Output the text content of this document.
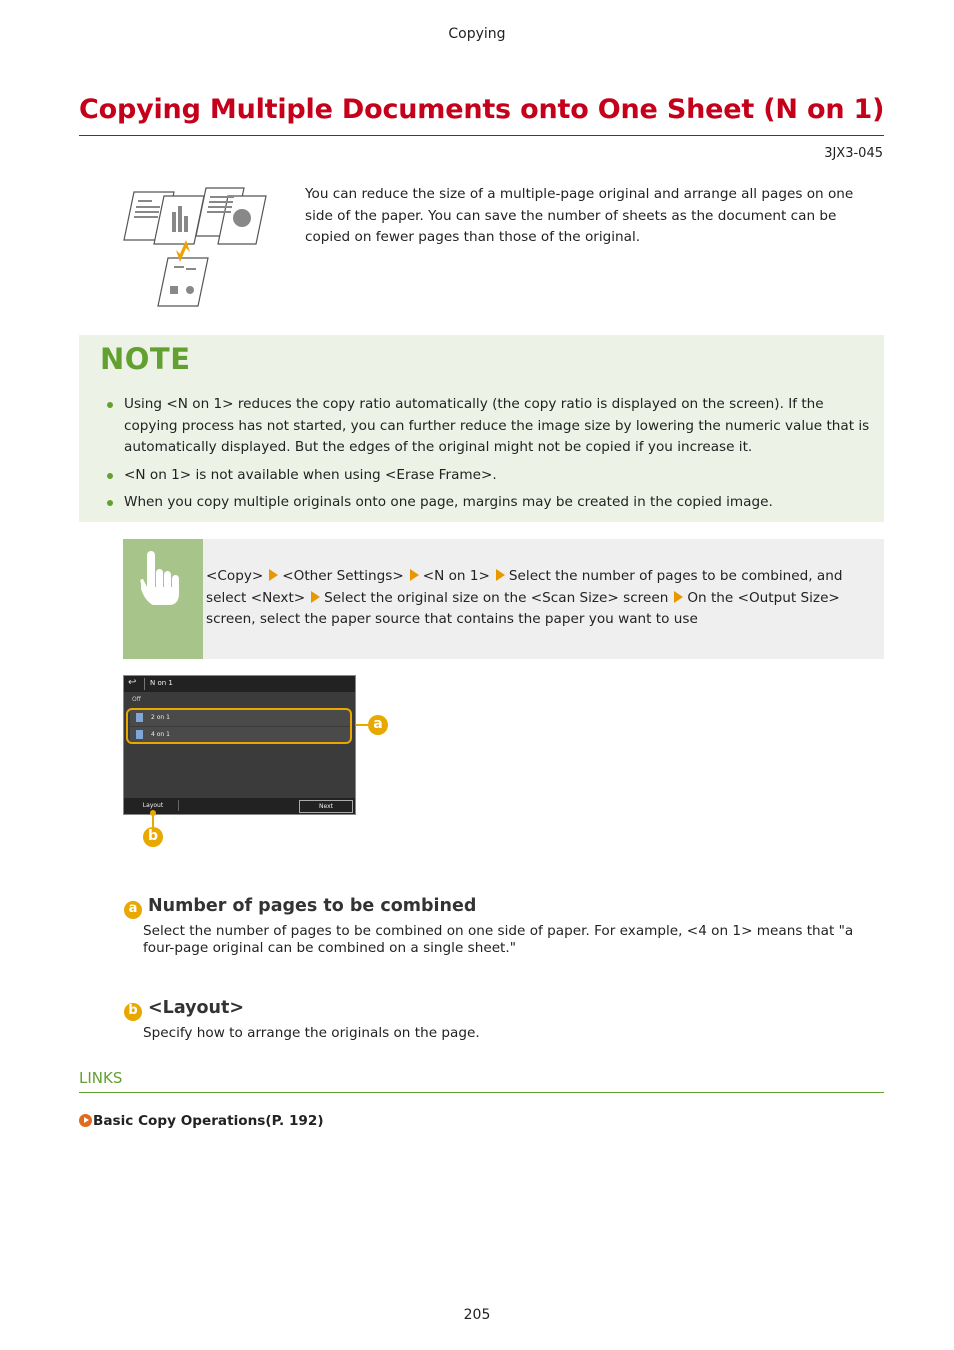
Copying
Copying Multiple Documents onto One Sheet (N on 1)
3JX3-045
You can reduce the size of a multiple-page original and arrange all pages on one side of the paper. You can save the number of sheets as the document can be copied on fewer pages than those of the original.
NOTE
Using <N on 1> reduces the copy ratio automatically (the copy ratio is displayed on the screen). If the copying process has not started, you can further reduce the image size by lowering the numeric value that is automatically displayed. But the edges of the original might not be copied if you increase it.
<N on 1> is not available when using <Erase Frame>.
When you copy multiple originals onto one page, margins may be created in the copied image.
<Copy> <Other Settings> <N on 1> Select the number of pages to be combined, and select <Next> Select the original size on the <Scan Size> screen On the <Output Size> screen, select the paper source that contains the paper you want to use
↩ N on 1
Off
2 on 1
4 on 1
Layout	Next
a
b
a Number of pages to be combined
Select the number of pages to be combined on one side of paper. For example, <4 on 1> means that "a four-page original can be combined on a single sheet."
b <Layout>
Specify how to arrange the originals on the page.
LINKS
Basic Copy Operations(P. 192)
205
